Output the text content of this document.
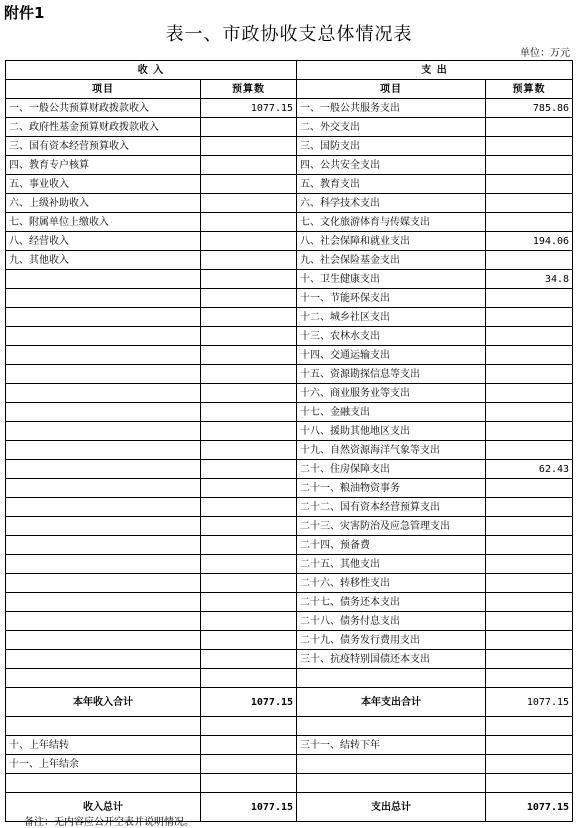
附件1
表一、市政协收支总体情况表
单位：万元
收 入		支 出	
项目	预算数	项目	预算数
一、一般公共预算财政拨款收入	1077.15	一、一般公共服务支出	785.86
二、政府性基金预算财政拨款收入		二、外交支出	
三、国有资本经营预算收入		三、国防支出	
四、教育专户核算		四、公共安全支出	
五、事业收入		五、教育支出	
六、上级补助收入		六、科学技术支出	
七、附属单位上缴收入		七、文化旅游体育与传媒支出	
八、经营收入		八、社会保障和就业支出	194.06
九、其他收入		九、社会保险基金支出	
		十、卫生健康支出	34.8
		十一、节能环保支出	
		十二、城乡社区支出	
		十三、农林水支出	
		十四、交通运输支出	
		十五、资源勘探信息等支出	
		十六、商业服务业等支出	
		十七、金融支出	
		十八、援助其他地区支出	
		十九、自然资源海洋气象等支出	
		二十、住房保障支出	62.43
		二十一、粮油物资事务	
		二十二、国有资本经营预算支出	
		二十三、灾害防治及应急管理支出	
		二十四、预备费	
		二十五、其他支出	
		二十六、转移性支出	
		二十七、债务还本支出	
		二十八、债务付息支出	
		二十九、债务发行费用支出	
		三十、抗疫特别国债还本支出	

本年收入合计	1077.15	本年支出合计	1077.15

十、上年结转		三十一、结转下年	
十一、上年结余			

收入总计	1077.15	支出总计	1077.15
备注：无内容应公开空表并说明情况。
